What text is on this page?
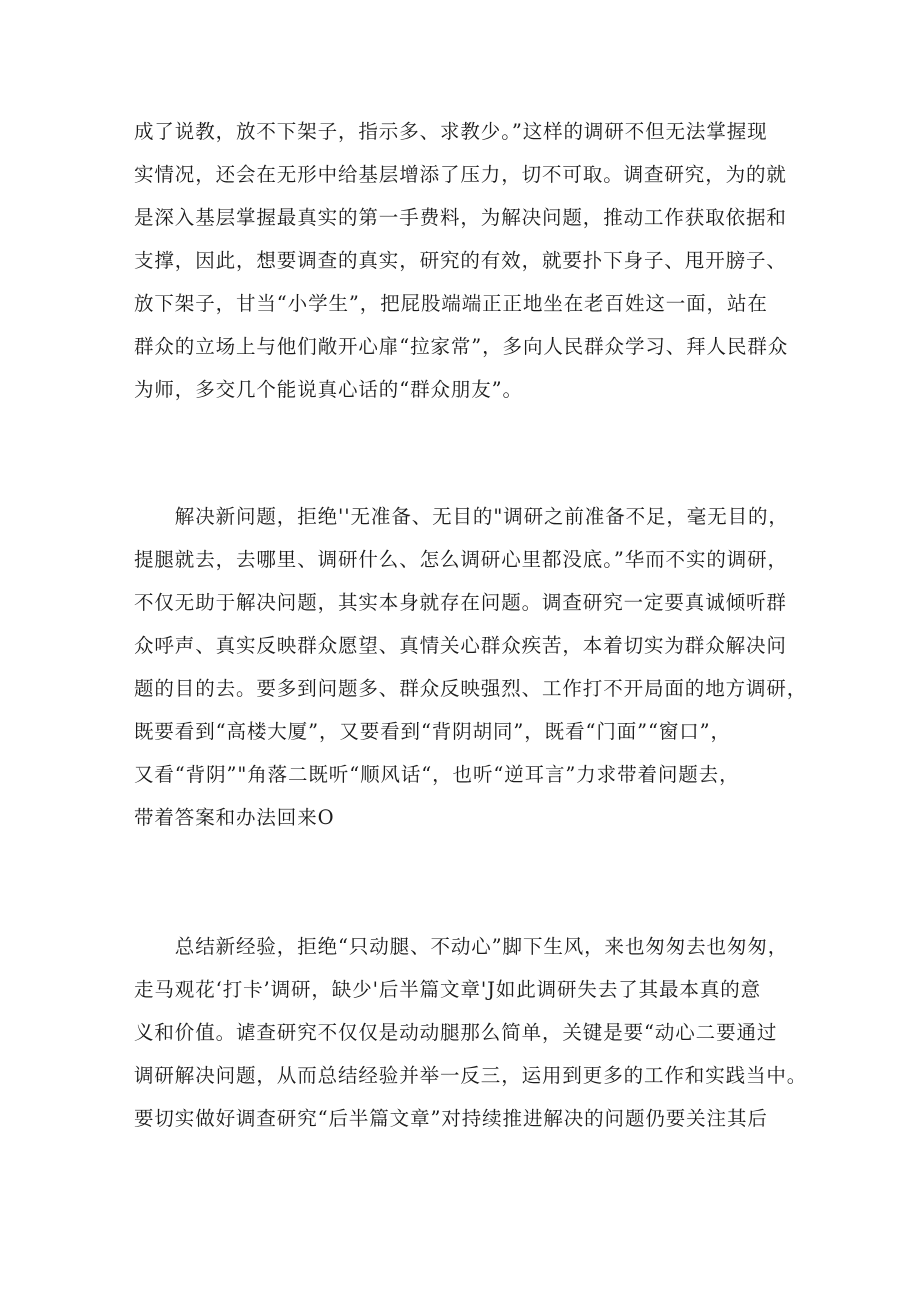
成了说教，放不下架子，指示多、求教少。”这样的调研不但无法掌握现
实情况，还会在无形中给基层增添了压力，切不可取。调查研究，为的就
是深入基层掌握最真实的第一手费料，为解决问题，推动工作获取依据和
支撑，因此，想要调查的真实，研究的有效，就要扑下身子、甩开膀子、
放下架子，甘当“小学生”，把屁股端端正正地坐在老百姓这一面，站在
群众的立场上与他们敞开心扉“拉家常”，多向人民群众学习、拜人民群众
为师，多交几个能说真心话的“群众朋友”。
　　解决新问题，拒绝''无准备、无目的"调研之前准备不足，毫无目的，
提腿就去，去哪里、调研什么、怎么调研心里都没底。”华而不实的调研，
不仅无助于解决问题，其实本身就存在问题。调查研究一定要真诚倾听群
众呼声、真实反映群众愿望、真情关心群众疾苦，本着切实为群众解决问
题的目的去。要多到问题多、群众反映强烈、工作打不开局面的地方调研，
既要看到“高楼大厦”，又要看到“背阴胡同”，既看“门面”“窗口”，
又看“背阴”"角落二既听“顺风话“，也听“逆耳言”力求带着问题去，
带着答案和办法回来O
　　总结新经验，拒绝“只动腿、不动心”脚下生风，来也匆匆去也匆匆，
走马观花‘打卡’调研，缺少'后半篇文章'J如此调研失去了其最本真的意
义和价值。谑查研究不仅仅是动动腿那么简单，关键是要“动心二要通过
调研解决问题，从而总结经验并举一反三，运用到更多的工作和实践当中。
要切实做好调查研究“后半篇文章”对持续推进解决的问题仍要关注其后
